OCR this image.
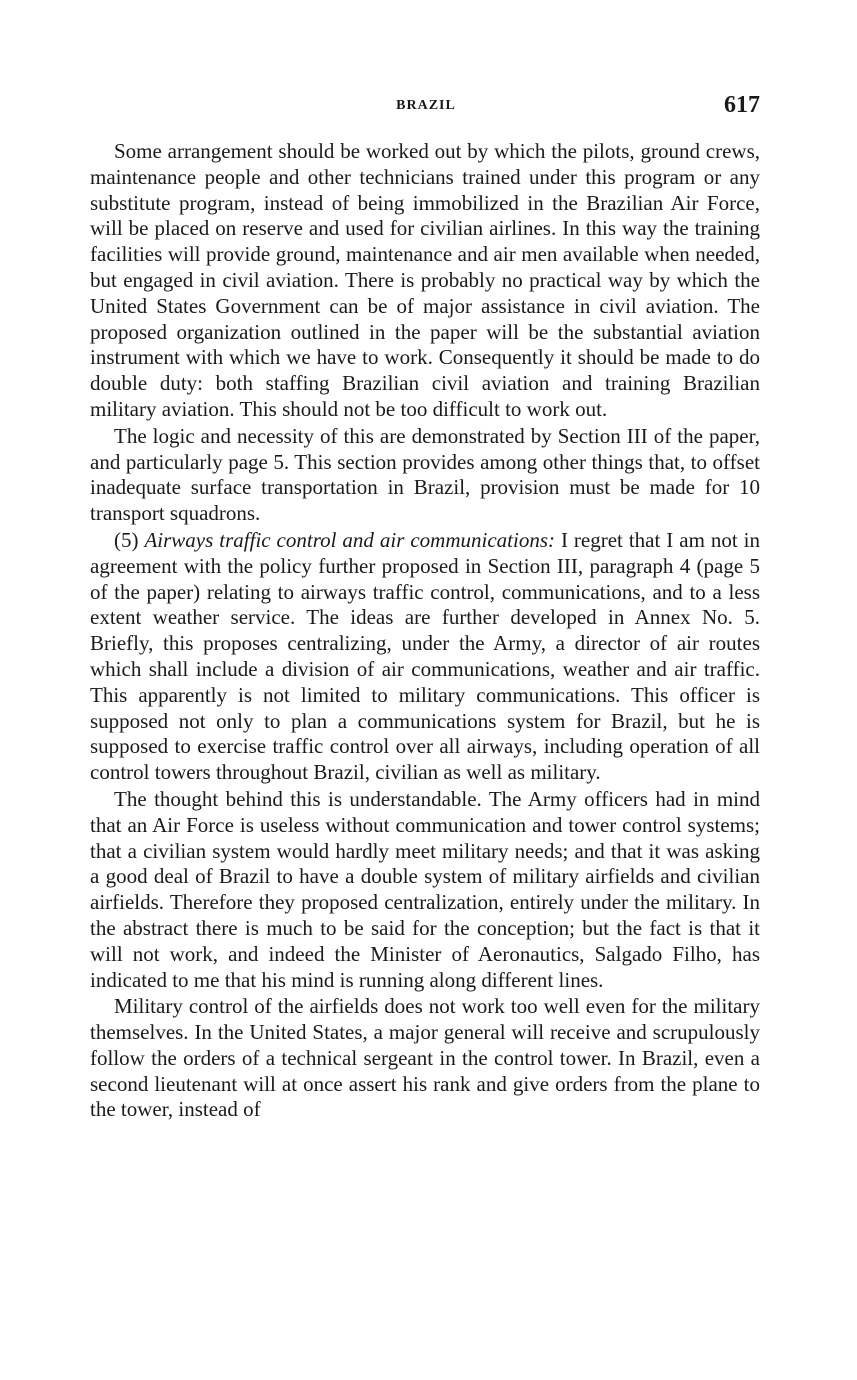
BRAZIL	617

Some arrangement should be worked out by which the pilots, ground crews, maintenance people and other technicians trained under this program or any substitute program, instead of being immobilized in the Brazilian Air Force, will be placed on reserve and used for civilian airlines. In this way the training facilities will provide ground, maintenance and air men available when needed, but engaged in civil aviation. There is probably no practical way by which the United States Government can be of major assistance in civil aviation. The proposed organization outlined in the paper will be the substantial aviation instrument with which we have to work. Consequently it should be made to do double duty: both staffing Brazilian civil aviation and training Brazilian military aviation. This should not be too difficult to work out.

The logic and necessity of this are demonstrated by Section III of the paper, and particularly page 5. This section provides among other things that, to offset inadequate surface transportation in Brazil, provision must be made for 10 transport squadrons.

(5) Airways traffic control and air communications: I regret that I am not in agreement with the policy further proposed in Section III, paragraph 4 (page 5 of the paper) relating to airways traffic control, communications, and to a less extent weather service. The ideas are further developed in Annex No. 5. Briefly, this proposes centralizing, under the Army, a director of air routes which shall include a division of air communications, weather and air traffic. This apparently is not limited to military communications. This officer is supposed not only to plan a communications system for Brazil, but he is supposed to exercise traffic control over all airways, including operation of all control towers throughout Brazil, civilian as well as military.

The thought behind this is understandable. The Army officers had in mind that an Air Force is useless without communication and tower control systems; that a civilian system would hardly meet military needs; and that it was asking a good deal of Brazil to have a double system of military airfields and civilian airfields. Therefore they proposed centralization, entirely under the military. In the abstract there is much to be said for the conception; but the fact is that it will not work, and indeed the Minister of Aeronautics, Salgado Filho, has indicated to me that his mind is running along different lines.

Military control of the airfields does not work too well even for the military themselves. In the United States, a major general will receive and scrupulously follow the orders of a technical sergeant in the control tower. In Brazil, even a second lieutenant will at once assert his rank and give orders from the plane to the tower, instead of
